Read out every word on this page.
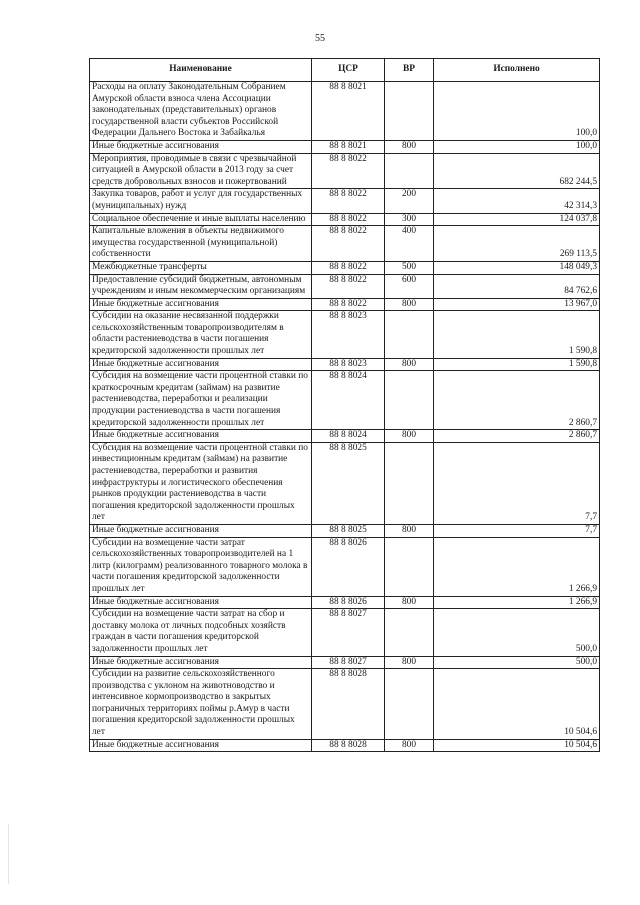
55
Наименование	ЦСР	ВР	Исполнено
Расходы на оплату Законодательным Собранием Амурской области взноса члена Ассоциации законодательных (представительных) органов государственной власти субъектов Российской Федерации Дальнего Востока и Забайкалья	88 8 8021		100,0
Иные бюджетные ассигнования	88 8 8021	800	100,0
Мероприятия, проводимые в связи с чрезвычайной ситуацией в Амурской области в 2013 году за счет средств добровольных взносов и пожертвований	88 8 8022		682 244,5
Закупка товаров, работ и услуг для государственных (муниципальных) нужд	88 8 8022	200	42 314,3
Социальное обеспечение и иные выплаты населению	88 8 8022	300	124 037,8
Капитальные вложения в объекты недвижимого имущества государственной (муниципальной) собственности	88 8 8022	400	269 113,5
Межбюджетные трансферты	88 8 8022	500	148 049,3
Предоставление субсидий бюджетным, автономным учреждениям и иным некоммерческим организациям	88 8 8022	600	84 762,6
Иные бюджетные ассигнования	88 8 8022	800	13 967,0
Субсидии на оказание несвязанной поддержки сельскохозяйственным товаропроизводителям в области растениеводства в части погашения кредиторской задолженности прошлых лет	88 8 8023		1 590,8
Иные бюджетные ассигнования	88 8 8023	800	1 590,8
Субсидия на возмещение части процентной ставки по краткосрочным кредитам (займам) на развитие растениеводства, переработки и реализации продукции растениеводства в части погашения кредиторской задолженности прошлых лет	88 8 8024		2 860,7
Иные бюджетные ассигнования	88 8 8024	800	2 860,7
Субсидия на возмещение части процентной ставки по инвестиционным кредитам (займам) на развитие растениеводства, переработки и развития инфраструктуры и логистического обеспечения рынков продукции растениеводства в части погашения кредиторской задолженности прошлых лет	88 8 8025		7,7
Иные бюджетные ассигнования	88 8 8025	800	7,7
Субсидии на возмещение части затрат сельскохозяйственных товаропроизводителей на 1 литр (килограмм) реализованного товарного молока в части погашения кредиторской задолженности прошлых лет	88 8 8026		1 266,9
Иные бюджетные ассигнования	88 8 8026	800	1 266,9
Субсидии на возмещение части затрат на сбор и доставку молока от личных подсобных хозяйств граждан в части погашения кредиторской задолженности прошлых лет	88 8 8027		500,0
Иные бюджетные ассигнования	88 8 8027	800	500,0
Субсидии на развитие сельскохозяйственного производства с уклоном на животноводство и интенсивное кормопроизводство в закрытых пограничных территориях поймы р.Амур в части погашения кредиторской задолженности прошлых лет	88 8 8028		10 504,6
Иные бюджетные ассигнования	88 8 8028	800	10 504,6
